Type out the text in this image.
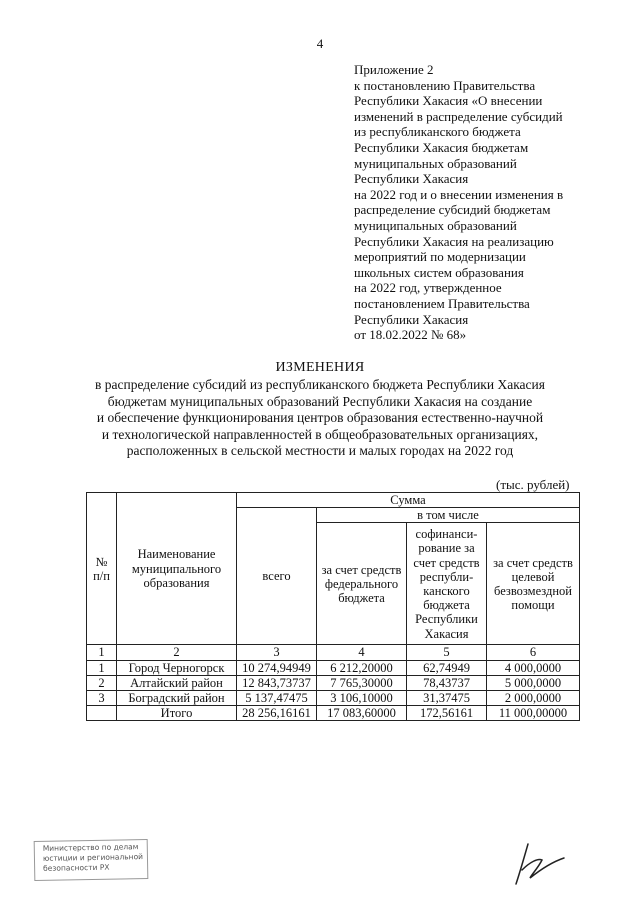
4
Приложение 2
к постановлению Правительства
Республики Хакасия «О внесении
изменений в распределение субсидий
из республиканского бюджета
Республики Хакасия бюджетам
муниципальных образований
Республики Хакасия
на 2022 год и о внесении изменения в
распределение субсидий бюджетам
муниципальных образований
Республики Хакасия на реализацию
мероприятий по модернизации
школьных систем образования
на 2022 год, утвержденное
постановлением Правительства
Республики Хакасия
от 18.02.2022 № 68»
ИЗМЕНЕНИЯ
в распределение субсидий из республиканского бюджета Республики Хакасия
бюджетам муниципальных образований Республики Хакасия на создание
и обеспечение функционирования центров образования естественно-научной
и технологической направленностей в общеобразовательных организациях,
расположенных в сельской местности и малых городах на 2022 год
(тыс. рублей)
№ п/п	Наименование муниципального образования	Сумма			
		всего	в том числе		
			за счет средств федерального бюджета	софинанси- рование за счет средств республи- канского бюджета Республики Хакасия	за счет средств целевой безвозмездной помощи
1	2	3	4	5	6
1	Город Черногорск	10 274,94949	6 212,20000	62,74949	4 000,0000
2	Алтайский район	12 843,73737	7 765,30000	78,43737	5 000,0000
3	Боградский район	5 137,47475	3 106,10000	31,37475	2 000,0000
	Итого	28 256,16161	17 083,60000	172,56161	11 000,00000
Министерство по делам
юстиции и региональной
безопасности РХ
